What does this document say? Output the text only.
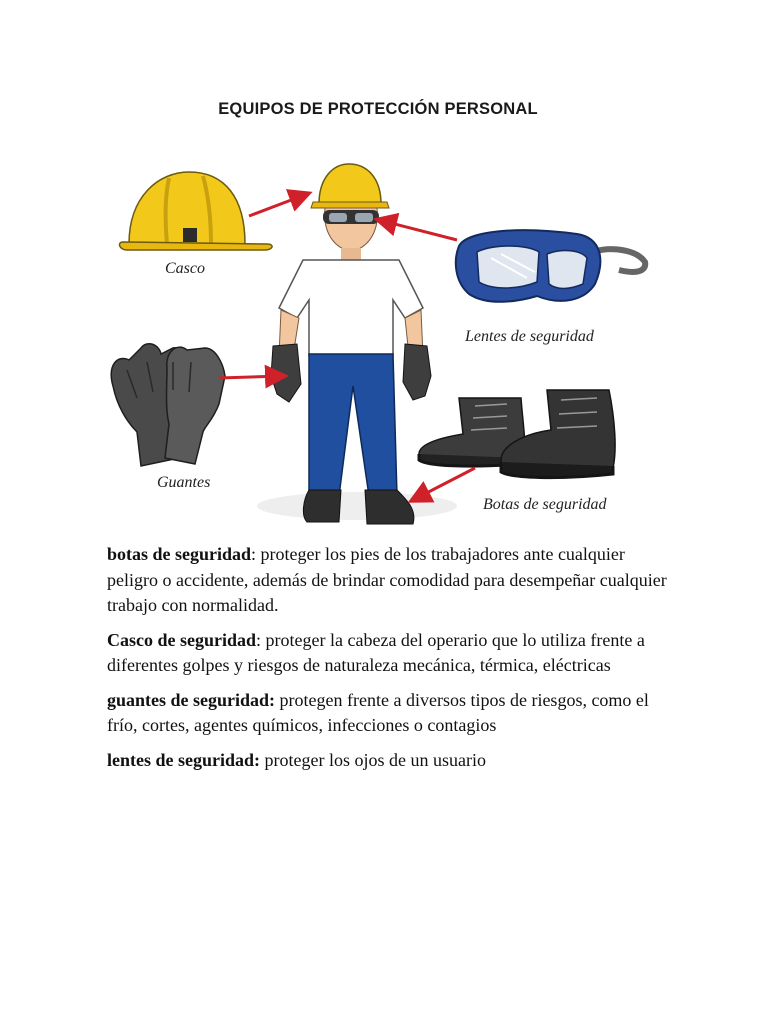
EQUIPOS DE PROTECCIÓN PERSONAL
Casco
Lentes de seguridad
Guantes
Botas de seguridad

botas de seguridad: proteger los pies de los trabajadores ante cualquier peligro o accidente, además de brindar comodidad para desempeñar cualquier trabajo con normalidad.

Casco de seguridad: proteger la cabeza del operario que lo utiliza frente a diferentes golpes y riesgos de naturaleza mecánica, térmica, eléctricas

guantes de seguridad: protegen frente a diversos tipos de riesgos, como el frío, cortes, agentes químicos, infecciones o contagios

lentes de seguridad: proteger los ojos de un usuario
